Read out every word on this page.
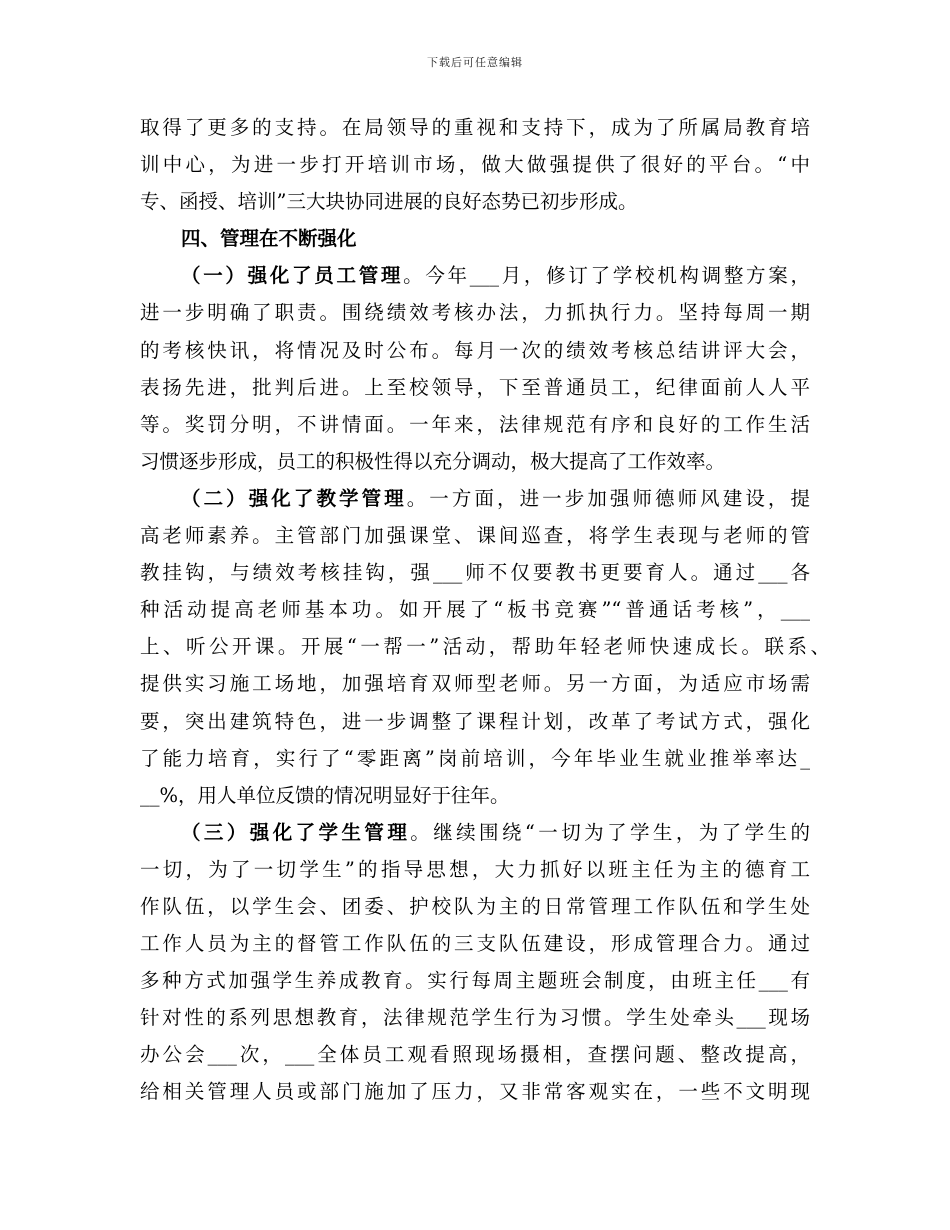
下载后可任意编辑
取得了更多的支持。在局领导的重视和支持下，成为了所属局教育培
训中心，为进一步打开培训市场，做大做强提供了很好的平台。“中
专、函授、培训”三大块协同进展的良好态势已初步形成。
四、管理在不断强化
（一）强化了员工管理。今年___月，修订了学校机构调整方案，
进一步明确了职责。围绕绩效考核办法，力抓执行力。坚持每周一期
的考核快讯，将情况及时公布。每月一次的绩效考核总结讲评大会，
表扬先进，批判后进。上至校领导，下至普通员工，纪律面前人人平
等。奖罚分明，不讲情面。一年来，法律规范有序和良好的工作生活
习惯逐步形成，员工的积极性得以充分调动，极大提高了工作效率。
（二）强化了教学管理。一方面，进一步加强师德师风建设，提
高老师素养。主管部门加强课堂、课间巡查，将学生表现与老师的管
教挂钩，与绩效考核挂钩，强___师不仅要教书更要育人。通过___各
种活动提高老师基本功。如开展了“板书竞赛”“普通话考核”，___
上、听公开课。开展“一帮一”活动，帮助年轻老师快速成长。联系、
提供实习施工场地，加强培育双师型老师。另一方面，为适应市场需
要，突出建筑特色，进一步调整了课程计划，改革了考试方式，强化
了能力培育，实行了“零距离”岗前培训，今年毕业生就业推举率达_
__%，用人单位反馈的情况明显好于往年。
（三）强化了学生管理。继续围绕“一切为了学生，为了学生的
一切，为了一切学生”的指导思想，大力抓好以班主任为主的德育工
作队伍，以学生会、团委、护校队为主的日常管理工作队伍和学生处
工作人员为主的督管工作队伍的三支队伍建设，形成管理合力。通过
多种方式加强学生养成教育。实行每周主题班会制度，由班主任___有
针对性的系列思想教育，法律规范学生行为习惯。学生处牵头___现场
办公会___次，___全体员工观看照现场摄相，查摆问题、整改提高，
给相关管理人员或部门施加了压力，又非常客观实在，一些不文明现
